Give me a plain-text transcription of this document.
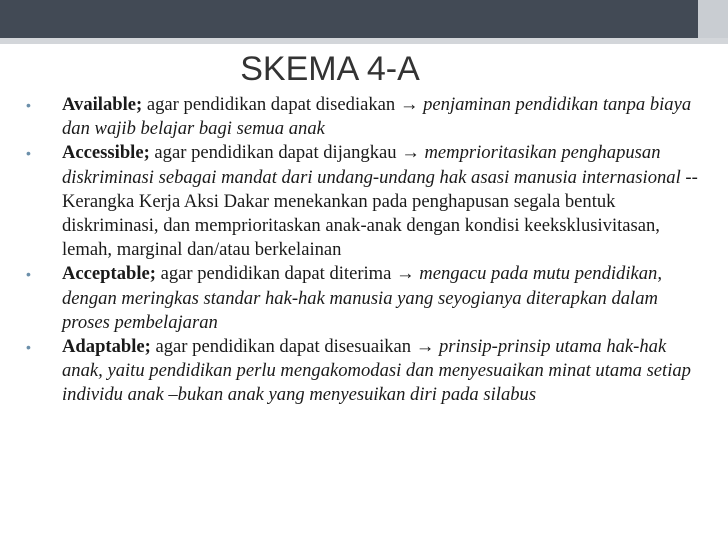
SKEMA 4-A
• Available; agar pendidikan dapat disediakan → penjaminan pendidikan tanpa biaya dan wajib belajar bagi semua anak
• Accessible; agar pendidikan dapat dijangkau → memprioritasikan penghapusan diskriminasi sebagai mandat dari undang-undang hak asasi manusia internasional -- Kerangka Kerja Aksi Dakar menekankan pada penghapusan segala bentuk diskriminasi, dan memprioritaskan anak-anak dengan kondisi keeksklusivitasan, lemah, marginal dan/atau berkelainan
• Acceptable; agar pendidikan dapat diterima → mengacu pada mutu pendidikan, dengan meringkas standar hak-hak manusia yang seyogianya diterapkan dalam proses pembelajaran
• Adaptable; agar pendidikan dapat disesuaikan → prinsip-prinsip utama hak-hak anak, yaitu pendidikan perlu mengakomodasi dan menyesuaikan minat utama setiap individu anak –bukan anak yang menyesuikan diri pada silabus
